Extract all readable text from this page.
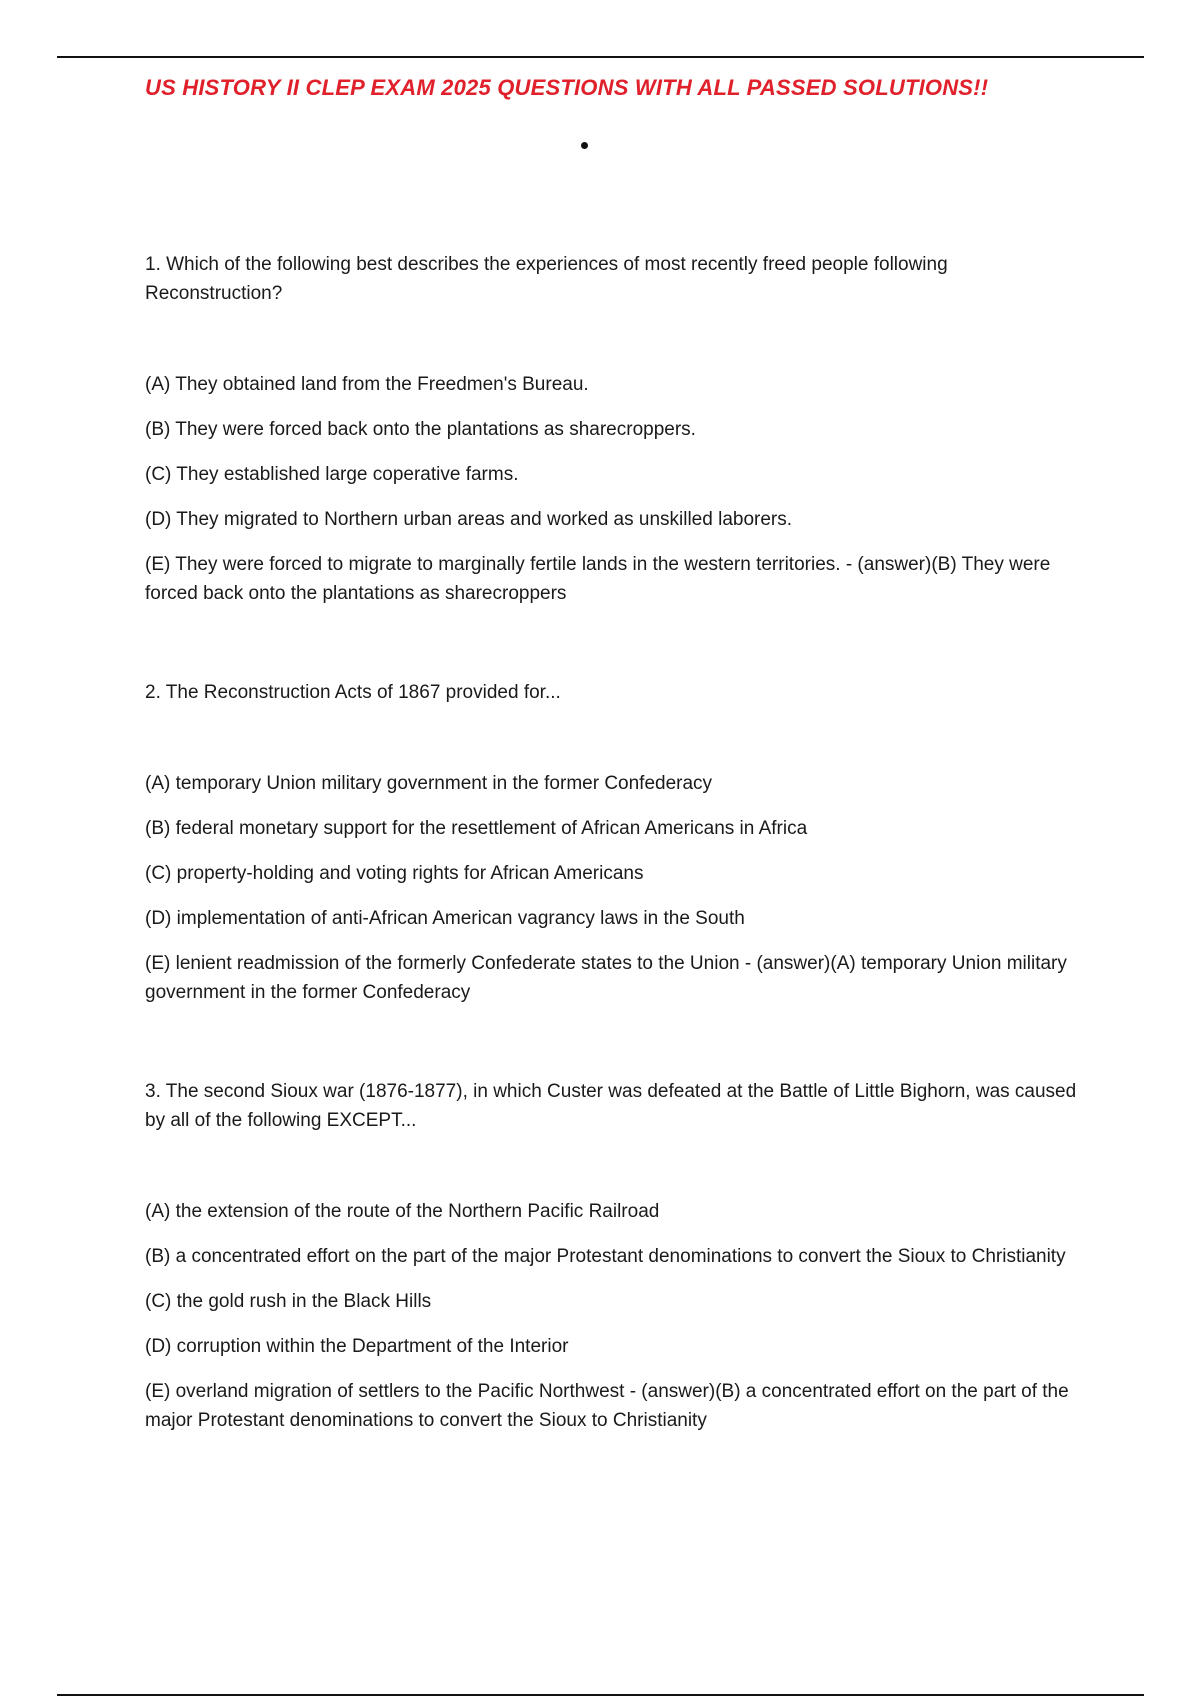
US HISTORY II CLEP EXAM 2025 QUESTIONS WITH ALL PASSED SOLUTIONS!!

1. Which of the following best describes the experiences of most recently freed people following Reconstruction?

(A) They obtained land from the Freedmen's Bureau.

(B) They were forced back onto the plantations as sharecroppers.

(C) They established large coperative farms.

(D) They migrated to Northern urban areas and worked as unskilled laborers.

(E) They were forced to migrate to marginally fertile lands in the western territories. - (answer)(B) They were forced back onto the plantations as sharecroppers

2. The Reconstruction Acts of 1867 provided for...

(A) temporary Union military government in the former Confederacy

(B) federal monetary support for the resettlement of African Americans in Africa

(C) property-holding and voting rights for African Americans

(D) implementation of anti-African American vagrancy laws in the South

(E) lenient readmission of the formerly Confederate states to the Union - (answer)(A) temporary Union military government in the former Confederacy

3. The second Sioux war (1876-1877), in which Custer was defeated at the Battle of Little Bighorn, was caused by all of the following EXCEPT...

(A) the extension of the route of the Northern Pacific Railroad

(B) a concentrated effort on the part of the major Protestant denominations to convert the Sioux to Christianity

(C) the gold rush in the Black Hills

(D) corruption within the Department of the Interior

(E) overland migration of settlers to the Pacific Northwest - (answer)(B) a concentrated effort on the part of the major Protestant denominations to convert the Sioux to Christianity
